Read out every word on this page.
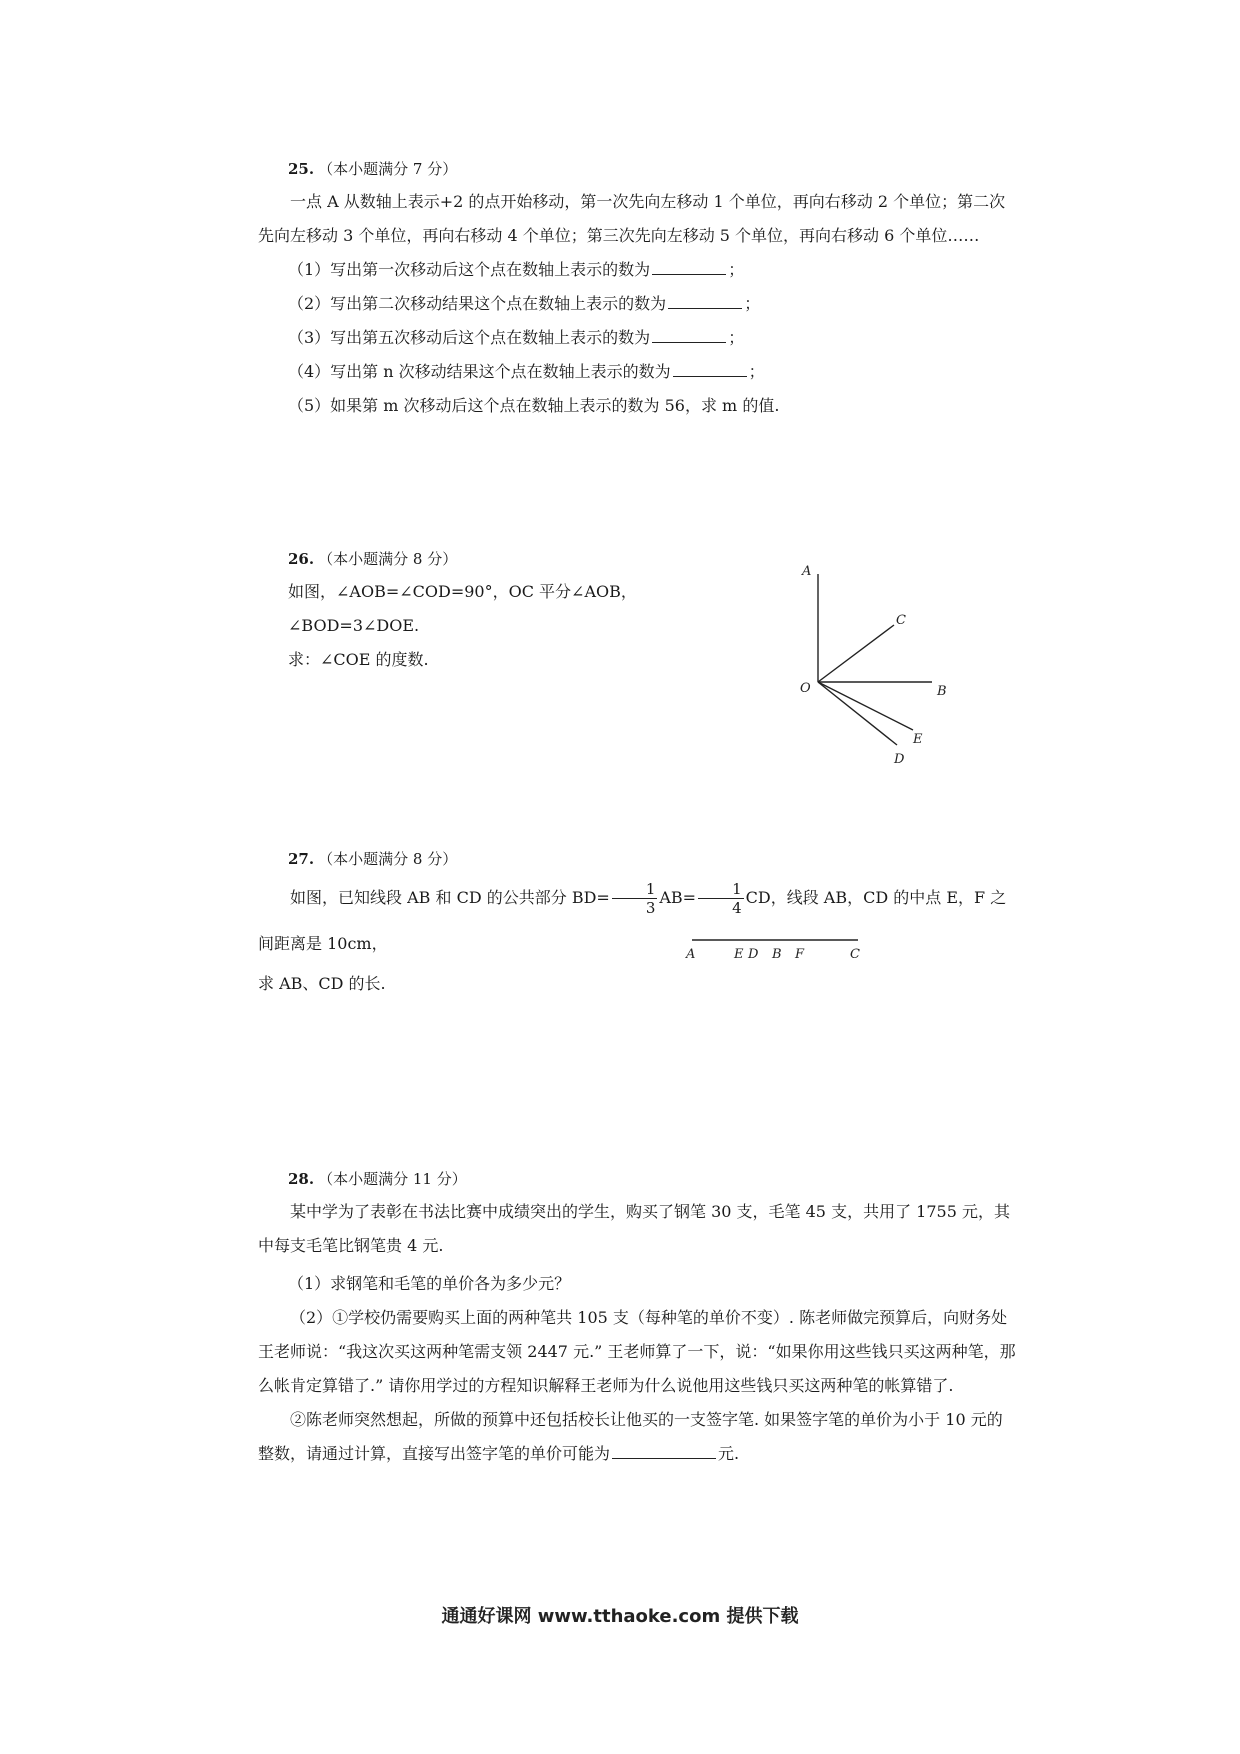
25. （本小题满分 7 分）

一点 A 从数轴上表示+2 的点开始移动，第一次先向左移动 1 个单位，再向右移动 2 个单位；第二次先向左移动 3 个单位，再向右移动 4 个单位；第三次先向左移动 5 个单位，再向右移动 6 个单位……

（1）写出第一次移动后这个点在数轴上表示的数为	；

（2）写出第二次移动结果这个点在数轴上表示的数为	；

（3）写出第五次移动后这个点在数轴上表示的数为	；

（4）写出第 n 次移动结果这个点在数轴上表示的数为	；

（5）如果第 m 次移动后这个点在数轴上表示的数为 56，求 m 的值.

26. （本小题满分 8 分）

如图，∠AOB=∠COD=90°，OC 平分∠AOB，∠BOD=3∠DOE.

求：∠COE 的度数.

A
C
O	B
E
D
27. （本小题满分 8 分）

如图，已知线段 AB 和 CD 的公共部分 $BD= \frac{1}{3} AB= \frac{1}{4}$ CD，线段 AB，CD 的中点 E，F 之间距离是 10cm，

求 AB、CD 的长.

A	E D B F	C
28. （本小题满分 11 分）

某中学为了表彰在书法比赛中成绩突出的学生，购买了钢笔 30 支，毛笔 45 支，共用了 1755 元，其中每支毛笔比钢笔贵 4 元.

（1）求钢笔和毛笔的单价各为多少元？

（2）①学校仍需要购买上面的两种笔共 105 支（每种笔的单价不变）. 陈老师做完预算后，向财务处王老师说：“我这次买这两种笔需支领 2447 元.” 王老师算了一下，说：“如果你用这些钱只买这两种笔，那么帐肯定算错了.” 请你用学过的方程知识解释王老师为什么说他用这些钱只买这两种笔的帐算错了.

②陈老师突然想起，所做的预算中还包括校长让他买的一支签字笔. 如果签字笔的单价为小于 10 元的整数，请通过计算，直接写出签字笔的单价可能为	元.

通通好课网 www.tthaoke.com 提供下载
